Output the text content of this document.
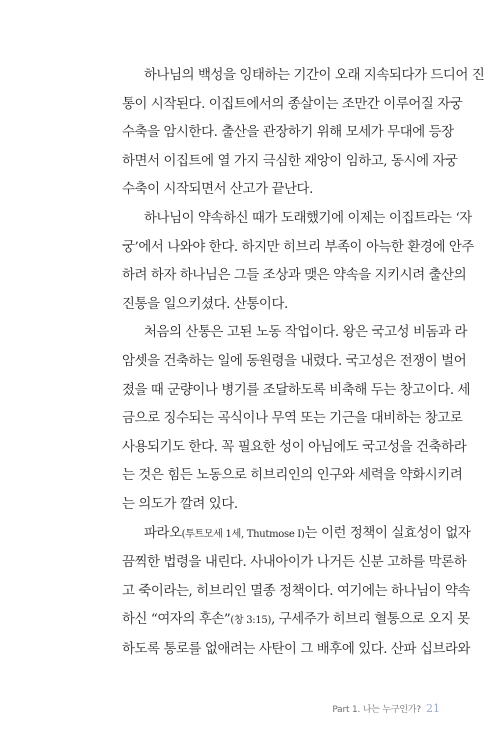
하나님의 백성을 잉태하는 기간이 오래 지속되다가 드디어 진
통이 시작된다. 이집트에서의 종살이는 조만간 이루어질 자궁
수축을 암시한다. 출산을 관장하기 위해 모세가 무대에 등장
하면서 이집트에 열 가지 극심한 재앙이 임하고, 동시에 자궁
수축이 시작되면서 산고가 끝난다.
하나님이 약속하신 때가 도래했기에 이제는 이집트라는 ‘자
궁’에서 나와야 한다. 하지만 히브리 부족이 아늑한 환경에 안주
하려 하자 하나님은 그들 조상과 맺은 약속을 지키시려 출산의
진통을 일으키셨다. 산통이다.
처음의 산통은 고된 노동 작업이다. 왕은 국고성 비돔과 라
암셋을 건축하는 일에 동원령을 내렸다. 국고성은 전쟁이 벌어
졌을 때 군량이나 병기를 조달하도록 비축해 두는 창고이다. 세
금으로 징수되는 곡식이나 무역 또는 기근을 대비하는 창고로
사용되기도 한다. 꼭 필요한 성이 아님에도 국고성을 건축하라
는 것은 힘든 노동으로 히브리인의 인구와 세력을 약화시키려
는 의도가 깔려 있다.
파라오(투트모세 1세, Thutmose I)는 이런 정책이 실효성이 없자
끔찍한 법령을 내린다. 사내아이가 나거든 신분 고하를 막론하
고 죽이라는, 히브리인 멸종 정책이다. 여기에는 하나님이 약속
하신 “여자의 후손”(창 3:15), 구세주가 히브리 혈통으로 오지 못
하도록 통로를 없애려는 사탄이 그 배후에 있다. 산파 십브라와
Part 1. 나는 누구인가? 21
